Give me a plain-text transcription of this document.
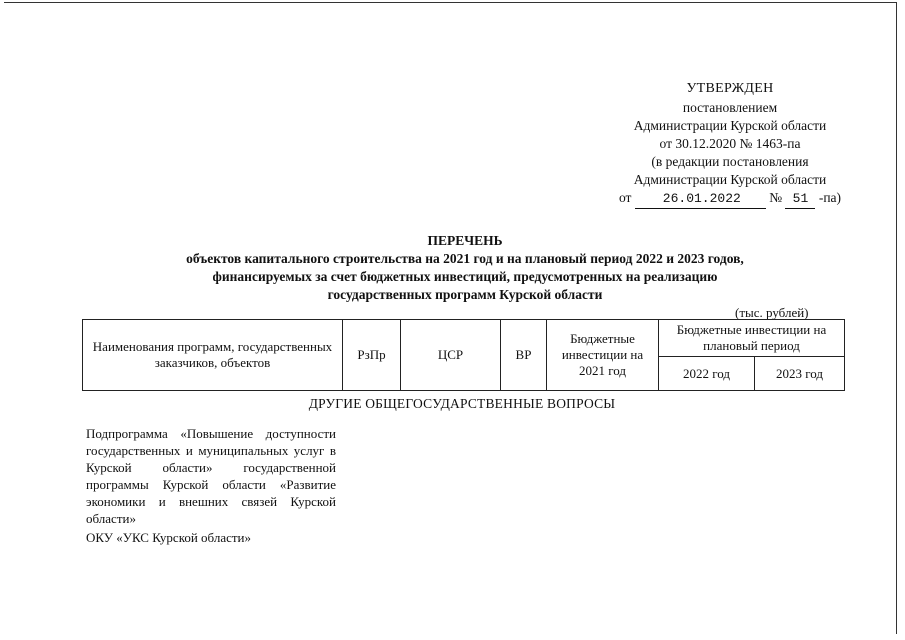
УТВЕРЖДЕН
постановлением
Администрации Курской области
от 30.12.2020 № 1463-па
(в редакции постановления
Администрации Курской области
от 26.01.2022 № 51 -па)
ПЕРЕЧЕНЬ
объектов капитального строительства на 2021 год и на плановый период 2022 и 2023 годов,
финансируемых за счет бюджетных инвестиций, предусмотренных на реализацию
государственных программ Курской области
(тыс. рублей)
Наименования программ, государственных заказчиков, объектов	РзПр	ЦСР	ВР	Бюджетные инвестиции на 2021 год	Бюджетные инвестиции на плановый период	
					2022 год	2023 год
ДРУГИЕ ОБЩЕГОСУДАРСТВЕННЫЕ ВОПРОСЫ
Подпрограмма «Повышение доступности государственных и муниципальных услуг в Курской области» государственной программы Курской области «Развитие экономики и внешних связей Курской области»
ОКУ «УКС Курской области»
